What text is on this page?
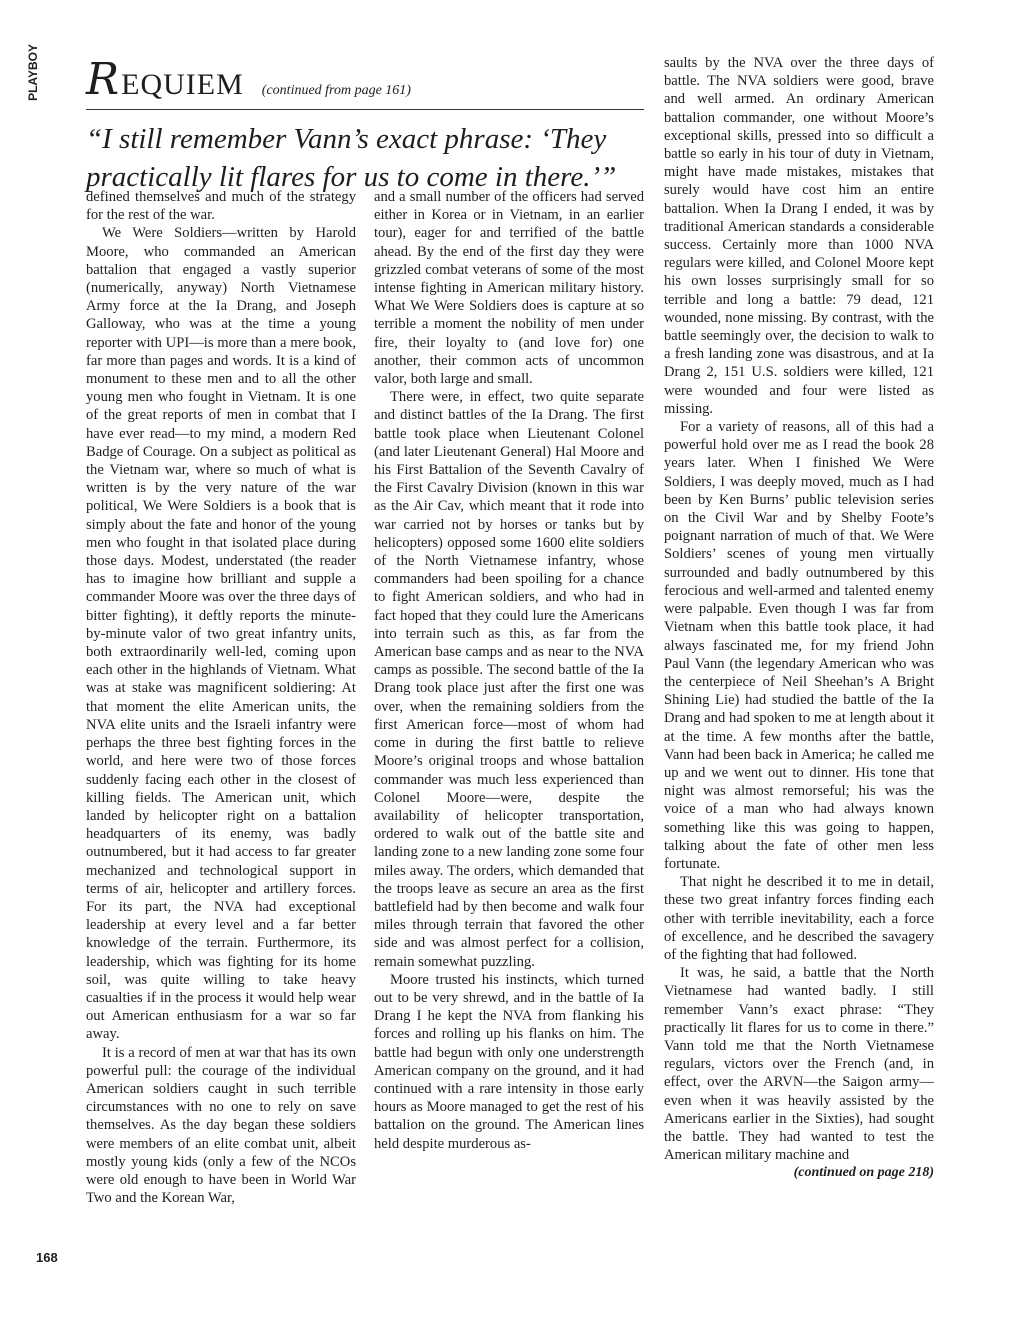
PLAYBOY REQUIEM (continued from page 161)
“I still remember Vann’s exact phrase: ‘They practically lit flares for us to come in there.’”

defined themselves and much of the strategy for the rest of the war.

We Were Soldiers—written by Harold Moore, who commanded an American battalion that engaged a vastly superior (numerically, anyway) North Vietnamese Army force at the Ia Drang, and Joseph Galloway, who was at the time a young reporter with UPI—is more than a mere book, far more than pages and words. It is a kind of monument to these men and to all the other young men who fought in Vietnam. It is one of the great reports of men in combat that I have ever read—to my mind, a modern Red Badge of Courage. On a subject as political as the Vietnam war, where so much of what is written is by the very nature of the war political, We Were Soldiers is a book that is simply about the fate and honor of the young men who fought in that isolated place during those days. Modest, understated (the reader has to imagine how brilliant and supple a commander Moore was over the three days of bitter fighting), it deftly reports the minute-by-minute valor of two great infantry units, both extraordinarily well-led, coming upon each other in the highlands of Vietnam. What was at stake was magnificent soldiering: At that moment the elite American units, the NVA elite units and the Israeli infantry were perhaps the three best fighting forces in the world, and here were two of those forces suddenly facing each other in the closest of killing fields. The American unit, which landed by helicopter right on a battalion headquarters of its enemy, was badly outnumbered, but it had access to far greater mechanized and technological support in terms of air, helicopter and artillery forces. For its part, the NVA had exceptional leadership at every level and a far better knowledge of the terrain. Furthermore, its leadership, which was fighting for its home soil, was quite willing to take heavy casualties if in the process it would help wear out American enthusiasm for a war so far away.

It is a record of men at war that has its own powerful pull: the courage of the individual American soldiers caught in such terrible circumstances with no one to rely on save themselves. As the day began these soldiers were members of an elite combat unit, albeit mostly young kids (only a few of the NCOs were old enough to have been in World War Two and the Korean War,

and a small number of the officers had served either in Korea or in Vietnam, in an earlier tour), eager for and terrified of the battle ahead. By the end of the first day they were grizzled combat veterans of some of the most intense fighting in American military history. What We Were Soldiers does is capture at so terrible a moment the nobility of men under fire, their loyalty to (and love for) one another, their common acts of uncommon valor, both large and small.

There were, in effect, two quite separate and distinct battles of the Ia Drang. The first battle took place when Lieutenant Colonel (and later Lieutenant General) Hal Moore and his First Battalion of the Seventh Cavalry of the First Cavalry Division (known in this war as the Air Cav, which meant that it rode into war carried not by horses or tanks but by helicopters) opposed some 1600 elite soldiers of the North Vietnamese infantry, whose commanders had been spoiling for a chance to fight American soldiers, and who had in fact hoped that they could lure the Americans into terrain such as this, as far from the American base camps and as near to the NVA camps as possible. The second battle of the Ia Drang took place just after the first one was over, when the remaining soldiers from the first American force—most of whom had come in during the first battle to relieve Moore’s original troops and whose battalion commander was much less experienced than Colonel Moore—were, despite the availability of helicopter transportation, ordered to walk out of the battle site and landing zone to a new landing zone some four miles away. The orders, which demanded that the troops leave as secure an area as the first battlefield had by then become and walk four miles through terrain that favored the other side and was almost perfect for a collision, remain somewhat puzzling.

Moore trusted his instincts, which turned out to be very shrewd, and in the battle of Ia Drang I he kept the NVA from flanking his forces and rolling up his flanks on him. The battle had begun with only one understrength American company on the ground, and it had continued with a rare intensity in those early hours as Moore managed to get the rest of his battalion on the ground. The American lines held despite murderous as-

saults by the NVA over the three days of battle. The NVA soldiers were good, brave and well armed. An ordinary American battalion commander, one without Moore’s exceptional skills, pressed into so difficult a battle so early in his tour of duty in Vietnam, might have made mistakes, mistakes that surely would have cost him an entire battalion. When Ia Drang I ended, it was by traditional American standards a considerable success. Certainly more than 1000 NVA regulars were killed, and Colonel Moore kept his own losses surprisingly small for so terrible and long a battle: 79 dead, 121 wounded, none missing. By contrast, with the battle seemingly over, the decision to walk to a fresh landing zone was disastrous, and at Ia Drang 2, 151 U.S. soldiers were killed, 121 were wounded and four were listed as missing.

For a variety of reasons, all of this had a powerful hold over me as I read the book 28 years later. When I finished We Were Soldiers, I was deeply moved, much as I had been by Ken Burns’ public television series on the Civil War and by Shelby Foote’s poignant narration of much of that. We Were Soldiers’ scenes of young men virtually surrounded and badly outnumbered by this ferocious and well-armed and talented enemy were palpable. Even though I was far from Vietnam when this battle took place, it had always fascinated me, for my friend John Paul Vann (the legendary American who was the centerpiece of Neil Sheehan’s A Bright Shining Lie) had studied the battle of the Ia Drang and had spoken to me at length about it at the time. A few months after the battle, Vann had been back in America; he called me up and we went out to dinner. His tone that night was almost remorseful; his was the voice of a man who had always known something like this was going to happen, talking about the fate of other men less fortunate.

That night he described it to me in detail, these two great infantry forces finding each other with terrible inevitability, each a force of excellence, and he described the savagery of the fighting that had followed.

It was, he said, a battle that the North Vietnamese had wanted badly. I still remember Vann’s exact phrase: “They practically lit flares for us to come in there.” Vann told me that the North Vietnamese regulars, victors over the French (and, in effect, over the ARVN—the Saigon army—even when it was heavily assisted by the Americans earlier in the Sixties), had sought the battle. They had wanted to test the American military machine and

(continued on page 218)
168
